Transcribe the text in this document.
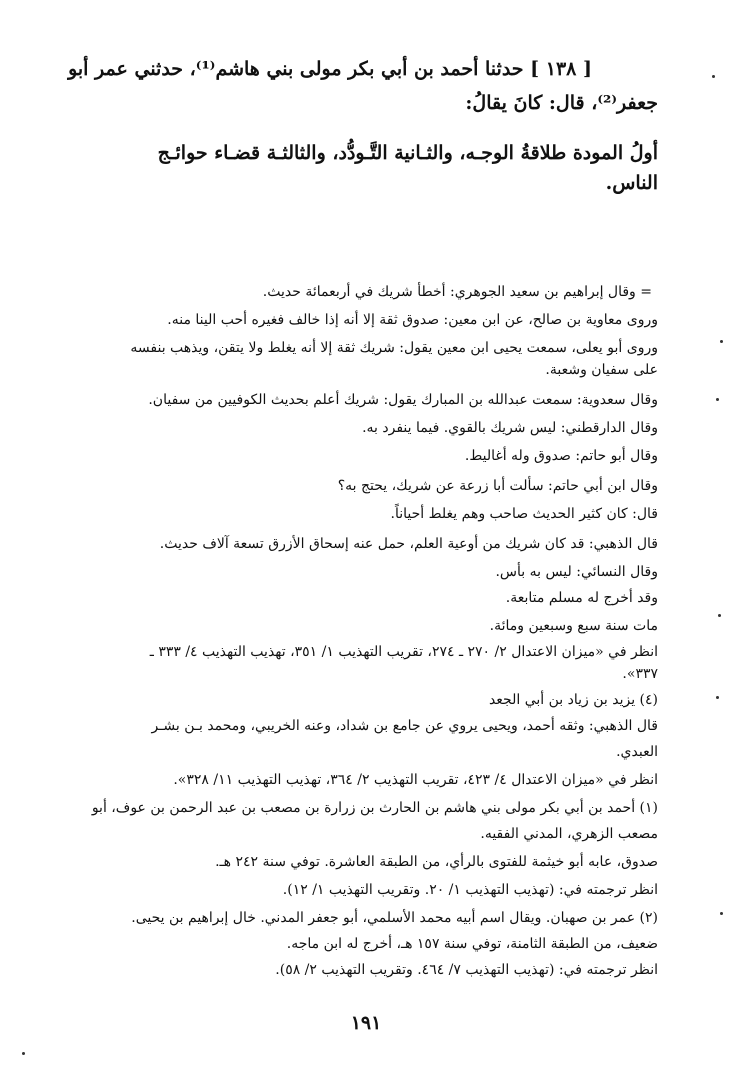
[ ١٣٨ ] حدثنا أحمد بن أبي بكر مولى بني هاشم⁽¹⁾، حدثني عمر أبو
جعفر⁽²⁾، قال: كانَ يقالُ:
أولُ المودة طلاقةُ الوجـه، والثـانية التَّـودُّد، والثالثـة قضـاء حوائـج
الناس.
= وقال إبراهيم بن سعيد الجوهري: أخطأ شريك في أربعمائة حديث.
وروى معاوية بن صالح، عن ابن معين: صدوق ثقة إلا أنه إذا خالف فغيره أحب الينا منه.
وروى أبو يعلى، سمعت يحيى ابن معين يقول: شريك ثقة إلا أنه يغلط ولا يتقن، ويذهب بنفسه
على سفيان وشعبة.
وقال سعدوية: سمعت عبدالله بن المبارك يقول: شريك أعلم بحديث الكوفيين من سفيان.
وقال الدارقطني: ليس شريك بالقوي. فيما ينفرد به.
وقال أبو حاتم: صدوق وله أغاليط.
وقال ابن أبي حاتم: سألت أبا زرعة عن شريك، يحتج به؟
قال: كان كثير الحديث صاحب وهم يغلط أحياناً.
قال الذهبي: قد كان شريك من أوعية العلم، حمل عنه إسحاق الأزرق تسعة آلاف حديث.
وقال النسائي: ليس به بأس.
وقد أخرج له مسلم متابعة.
مات سنة سبع وسبعين ومائة.
انظر في «ميزان الاعتدال ٢/ ٢٧٠ ـ ٢٧٤، تقريب التهذيب ١/ ٣٥١، تهذيب التهذيب ٤/ ٣٣٣ ـ
٣٣٧».
(٤) يزيد بن زياد بن أبي الجعد
قال الذهبي: وثقه أحمد، ويحيى يروي عن جامع بن شداد، وعنه الخريبي، ومحمد بـن بشـر
العبدي.
انظر في «ميزان الاعتدال ٤/ ٤٢٣، تقريب التهذيب ٢/ ٣٦٤، تهذيب التهذيب ١١/ ٣٢٨».
(١) أحمد بن أبي بكر مولى بني هاشم بن الحارث بن زرارة بن مصعب بن عبد الرحمن بن عوف، أبو
مصعب الزهري، المدني الفقيه.
صدوق، عابه أبو خيثمة للفتوى بالرأي، من الطبقة العاشرة. توفي سنة ٢٤٢ هـ.
انظر ترجمته في: (تهذيب التهذيب ١/ ٢٠. وتقريب التهذيب ١/ ١٢).
(٢) عمر بن صهبان. ويقال اسم أبيه محمد الأسلمي، أبو جعفر المدني. خال إبراهيم بن يحيى.
ضعيف، من الطبقة الثامنة، توفي سنة ١٥٧ هـ، أخرج له ابن ماجه.
انظر ترجمته في: (تهذيب التهذيب ٧/ ٤٦٤. وتقريب التهذيب ٢/ ٥٨).
١٩١
